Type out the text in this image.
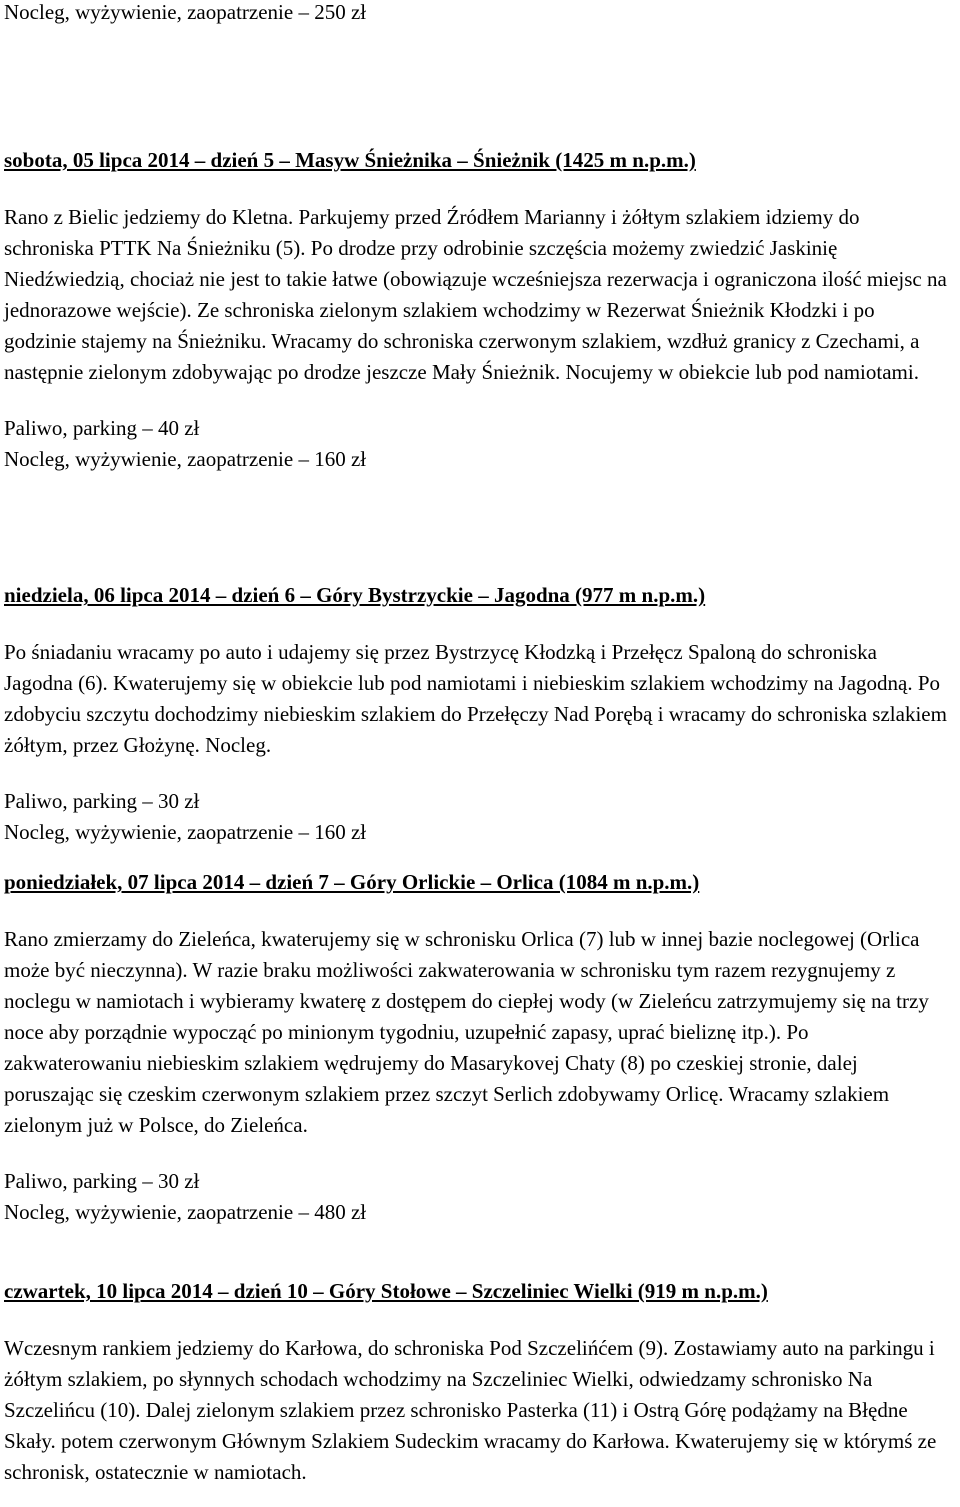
Nocleg, wyżywienie, zaopatrzenie – 250 zł
sobota, 05 lipca 2014 – dzień 5 – Masyw Śnieżnika – Śnieżnik (1425 m n.p.m.)

Rano z Bielic jedziemy do Kletna. Parkujemy przed Źródłem Marianny i żółtym szlakiem idziemy do schroniska PTTK Na Śnieżniku (5). Po drodze przy odrobinie szczęścia możemy zwiedzić Jaskinię Niedźwiedzią, chociaż nie jest to takie łatwe (obowiązuje wcześniejsza rezerwacja i ograniczona ilość miejsc na jednorazowe wejście). Ze schroniska zielonym szlakiem wchodzimy w Rezerwat Śnieżnik Kłodzki i po godzinie stajemy na Śnieżniku. Wracamy do schroniska czerwonym szlakiem, wzdłuż granicy z Czechami, a następnie zielonym zdobywając po drodze jeszcze Mały Śnieżnik. Nocujemy w obiekcie lub pod namiotami.

Paliwo, parking – 40 zł
Nocleg, wyżywienie, zaopatrzenie – 160 zł
niedziela, 06 lipca 2014 – dzień 6 – Góry Bystrzyckie – Jagodna (977 m n.p.m.)

Po śniadaniu wracamy po auto i udajemy się przez Bystrzycę Kłodzką i Przełęcz Spaloną do schroniska Jagodna (6). Kwaterujemy się w obiekcie lub pod namiotami i niebieskim szlakiem wchodzimy na Jagodną. Po zdobyciu szczytu dochodzimy niebieskim szlakiem do Przełęczy Nad Porębą i wracamy do schroniska szlakiem żółtym, przez Głożynę. Nocleg.

Paliwo, parking – 30 zł
Nocleg, wyżywienie, zaopatrzenie – 160 zł
poniedziałek, 07 lipca 2014 – dzień 7 – Góry Orlickie – Orlica (1084 m n.p.m.)

Rano zmierzamy do Zieleńca, kwaterujemy się w schronisku Orlica (7) lub w innej bazie noclegowej (Orlica może być nieczynna). W razie braku możliwości zakwaterowania w schronisku tym razem rezygnujemy z noclegu w namiotach i wybieramy kwaterę z dostępem do ciepłej wody (w Zieleńcu zatrzymujemy się na trzy noce aby porządnie wypocząć po minionym tygodniu, uzupełnić zapasy, uprać bieliznę itp.). Po zakwaterowaniu niebieskim szlakiem wędrujemy do Masarykovej Chaty (8) po czeskiej stronie, dalej poruszając się czeskim czerwonym szlakiem przez szczyt Serlich zdobywamy Orlicę. Wracamy szlakiem zielonym już w Polsce, do Zieleńca.

Paliwo, parking – 30 zł
Nocleg, wyżywienie, zaopatrzenie – 480 zł
czwartek, 10 lipca 2014 – dzień 10 – Góry Stołowe – Szczeliniec Wielki (919 m n.p.m.)

Wczesnym rankiem jedziemy do Karłowa, do schroniska Pod Szczelińćem (9). Zostawiamy auto na parkingu i żółtym szlakiem, po słynnych schodach wchodzimy na Szczeliniec Wielki, odwiedzamy schronisko Na Szczelińcu (10). Dalej zielonym szlakiem przez schronisko Pasterka (11) i Ostrą Górę podążamy na Błędne Skały. potem czerwonym Głównym Szlakiem Sudeckim wracamy do Karłowa. Kwaterujemy się w którymś ze schronisk, ostatecznie w namiotach.
